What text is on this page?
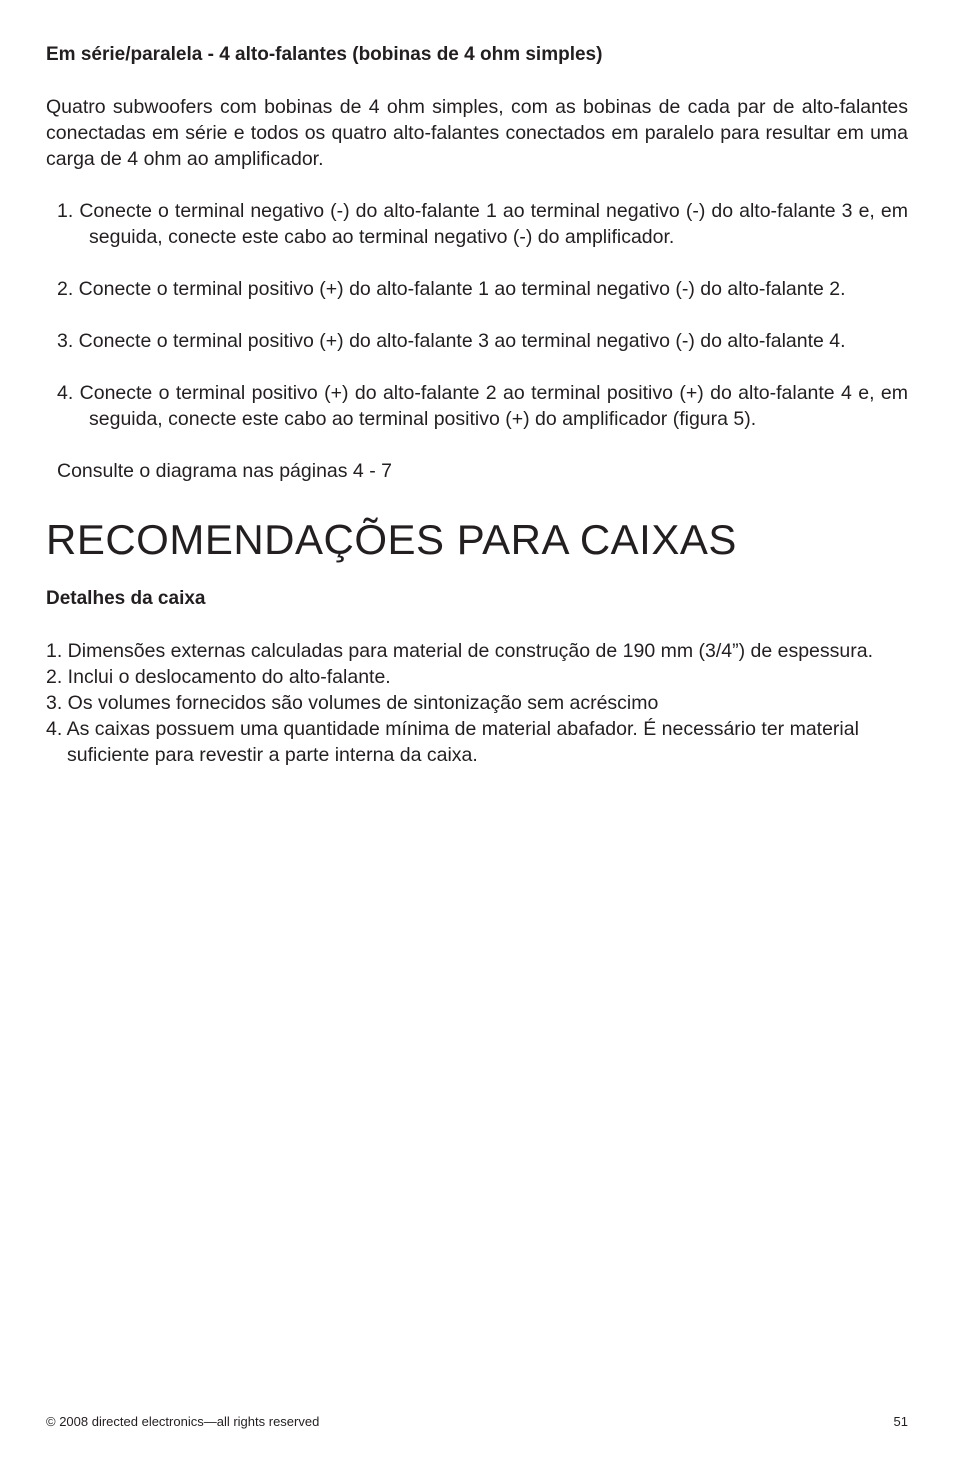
Em série/paralela - 4 alto-falantes (bobinas de 4 ohm simples)

Quatro subwoofers com bobinas de 4 ohm simples, com as bobinas de cada par de alto-falantes conectadas em série e todos os quatro alto-falantes conectados em paralelo para resultar em uma carga de 4 ohm ao amplificador.

1. Conecte o terminal negativo (-) do alto-falante 1 ao terminal negativo (-) do alto-falante 3 e, em seguida, conecte este cabo ao terminal negativo (-) do amplificador.
2. Conecte o terminal positivo (+) do alto-falante 1 ao terminal negativo (-) do alto-falante 2.
3. Conecte o terminal positivo (+) do alto-falante 3 ao terminal negativo (-) do alto-falante 4.
4. Conecte o terminal positivo (+) do alto-falante 2 ao terminal positivo (+) do alto-falante 4 e, em seguida, conecte este cabo ao terminal positivo (+) do amplificador (figura 5).

Consulte o diagrama nas páginas 4 - 7

RECOMENDAÇÕES PARA CAIXAS

Detalhes da caixa

1. Dimensões externas calculadas para material de construção de 190 mm (3/4”) de espessura.
2. Inclui o deslocamento do alto-falante.
3. Os volumes fornecidos são volumes de sintonização sem acréscimo
4. As caixas possuem uma quantidade mínima de material abafador. É necessário ter material suficiente para revestir a parte interna da caixa.
© 2008 directed electronics—all rights reserved	51
